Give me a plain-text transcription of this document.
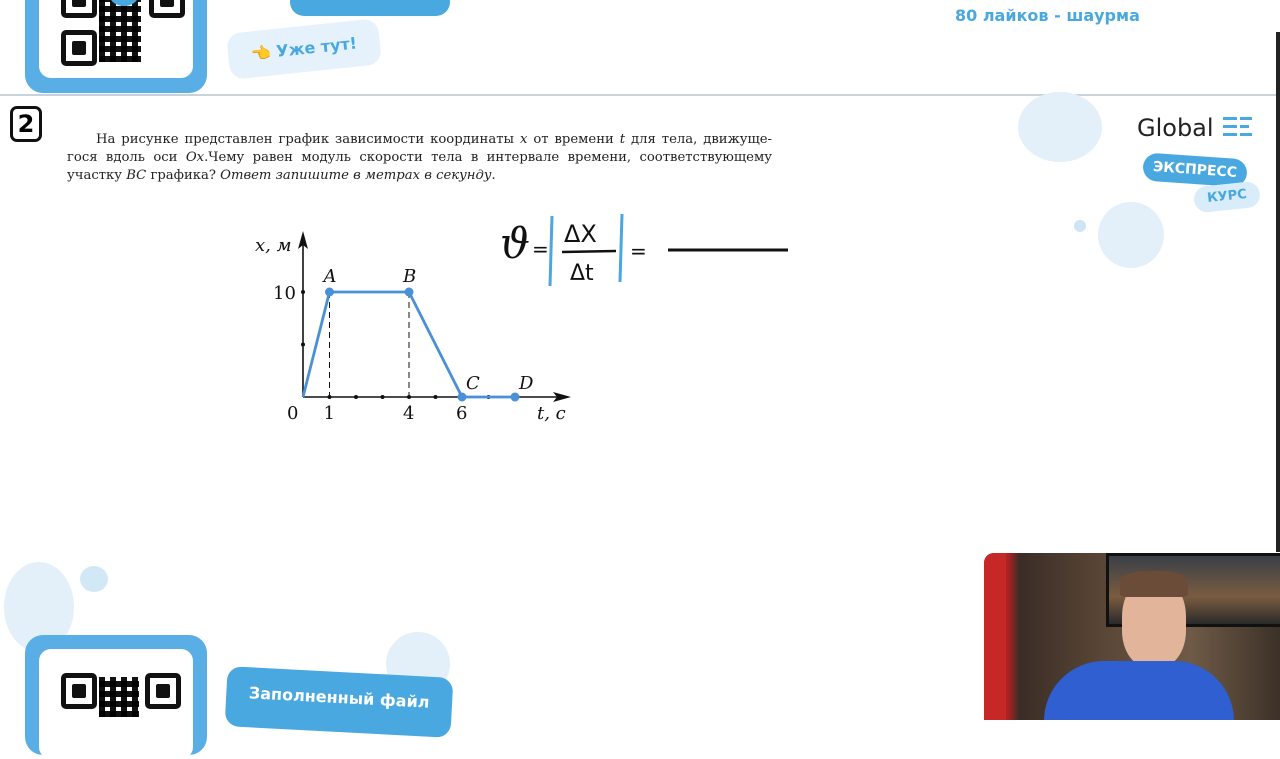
👈 Уже тут!
80 лайков - шаурма
2
На рисунке представлен график зависимости координаты x от времени t для тела, движуще-гося вдоль оси Ox.Чему равен модуль скорости тела в интервале времени, соответствующему участку BC графика? Ответ запишите в метрах в секунду.
Global
ЭКСПРЕСС
КУРС
x, м
t, с
0 1	4 6
10
A	B
C D
ϑ =
ΔX
Δt
=
Заполненный файл
